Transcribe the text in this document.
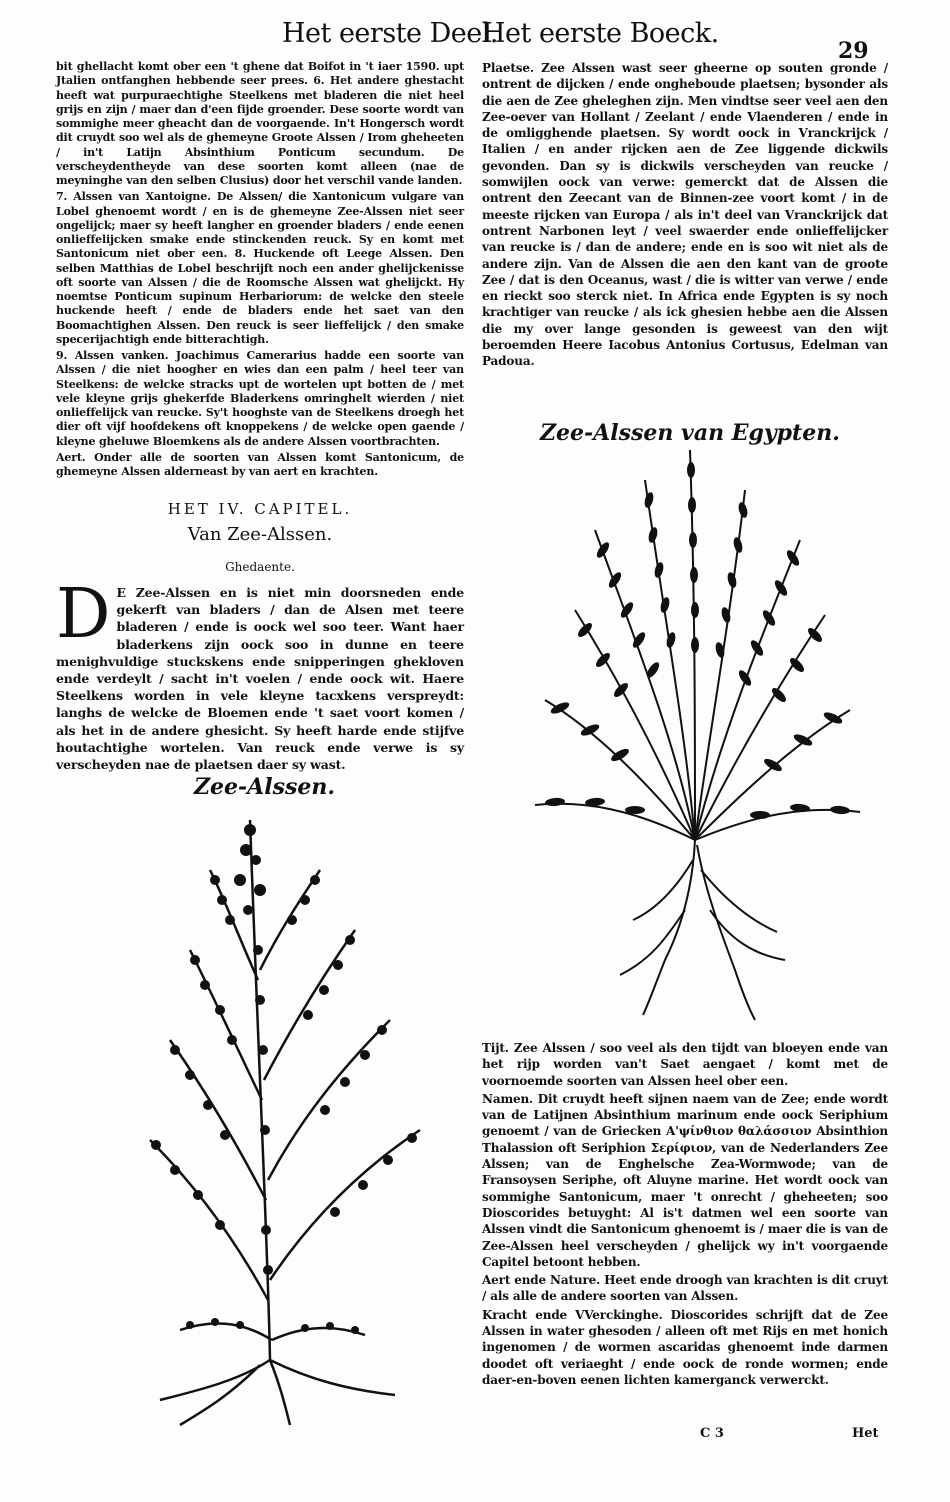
Het eerste Deel.
Het eerste Boeck.
29

bit ghellacht komt ober een 't ghene dat Boifot in 't iaer 1590. upt Jtalien ontfanghen hebbende seer prees. 6. Het andere ghestacht heeft wat purpuraechtighe Steelkens met bladeren die niet heel grijs en zijn / maer dan d'een fijde groender. Dese soorte wordt van sommighe meer gheacht dan de voorgaende. In't Hongersch wordt dit cruydt soo wel als de ghemeyne Groote Alssen / Irom gheheeten / in't Latijn Absinthium Ponticum secundum. De verscheydentheyde van dese soorten komt alleen (nae de meyninghe van den selben Clusius) door het verschil vande landen.

7. Alssen van Xantoigne. De Alssen/ die Xantonicum vulgare van Lobel ghenoemt wordt / en is de ghemeyne Zee-Alssen niet seer ongelijck; maer sy heeft langher en groender bladers / ende eenen onlieffelijcken smake ende stinckenden reuck. Sy en komt met Santonicum niet ober een. 8. Huckende oft Leege Alssen. Den selben Matthias de Lobel beschrijft noch een ander ghelijckenisse oft soorte van Alssen / die de Roomsche Alssen wat ghelijckt. Hy noemtse Ponticum supinum Herbariorum: de welcke den steele huckende heeft / ende de bladers ende het saet van den Boomachtighen Alssen. Den reuck is seer lieffelijck / den smake specerijachtigh ende bitterachtigh.

9. Alssen vanken. Joachimus Camerarius hadde een soorte van Alssen / die niet hoogher en wies dan een palm / heel teer van Steelkens: de welcke stracks upt de wortelen upt botten de / met vele kleyne grijs ghekerfde Bladerkens omringhelt wierden / niet onlieffelijck van reucke. Sy't hooghste van de Steelkens droegh het dier oft vijf hoofdekens oft knoppekens / de welcke open gaende / kleyne gheluwe Bloemkens als de andere Alssen voortbrachten.

Aert. Onder alle de soorten van Alssen komt Santonicum, de ghemeyne Alssen alderneast by van aert en krachten.

HET IV. CAPITEL.
Van Zee-Alssen.
Ghedaente.
D E Zee-Alssen en is niet min doorsneden ende gekerft van bladers / dan de Alsen met teere bladeren / ende is oock wel soo teer. Want haer bladerkens zijn oock soo in dunne en teere menighvuldige stuckskens ende snipperingen ghekloven ende verdeylt / sacht in't voelen / ende oock wit. Haere Steelkens worden in vele kleyne tacxkens verspreydt: langhs de welcke de Bloemen ende 't saet voort komen / als het in de andere ghesicht. Sy heeft harde ende stijfve houtachtighe wortelen. Van reuck ende verwe is sy verscheyden nae de plaetsen daer sy wast.

Zee-Alssen.
Zee-Alssen van Egypten.

Plaetse. Zee Alssen wast seer gheerne op souten gronde / ontrent de dijcken / ende ongheboude plaetsen; bysonder als die aen de Zee gheleghen zijn. Men vindtse seer veel aen den Zee-oever van Hollant / Zeelant / ende Vlaenderen / ende in de omligghende plaetsen. Sy wordt oock in Vranckrijck / Italien / en ander rijcken aen de Zee liggende dickwils gevonden. Dan sy is dickwils verscheyden van reucke / somwijlen oock van verwe: gemerckt dat de Alssen die ontrent den Zeecant van de Binnen-zee voort komt / in de meeste rijcken van Europa / als in't deel van Vranckrijck dat ontrent Narbonen leyt / veel swaerder ende onlieffelijcker van reucke is / dan de andere; ende en is soo wit niet als de andere zijn. Van de Alssen die aen den kant van de groote Zee / dat is den Oceanus, wast / die is witter van verwe / ende en rieckt soo sterck niet. In Africa ende Egypten is sy noch krachtiger van reucke / als ick ghesien hebbe aen die Alssen die my over lange gesonden is geweest van den wijt beroemden Heere Iacobus Antonius Cortusus, Edelman van Padoua.

Tijt. Zee Alssen / soo veel als den tijdt van bloeyen ende van het rijp worden van't Saet aengaet / komt met de voornoemde soorten van Alssen heel ober een.

Namen. Dit cruydt heeft sijnen naem van de Zee; ende wordt van de Latijnen Absinthium marinum ende oock Seriphium genoemt / van de Griecken A'ψίνθιον θαλάσσιον Absinthion Thalassion oft Seriphion Σερίφιον, van de Nederlanders Zee Alssen; van de Enghelsche Zea-Wormwode; van de Fransoysen Seriphe, oft Aluyne marine. Het wordt oock van sommighe Santonicum, maer 't onrecht / gheheeten; soo Dioscorides betuyght: Al is't datmen wel een soorte van Alssen vindt die Santonicum ghenoemt is / maer die is van de Zee-Alssen heel verscheyden / ghelijck wy in't voorgaende Capitel betoont hebben.

Aert ende Nature. Heet ende droogh van krachten is dit cruyt / als alle de andere soorten van Alssen.

Kracht ende VVerckinghe. Dioscorides schrijft dat de Zee Alssen in water ghesoden / alleen oft met Rijs en met honich ingenomen / de wormen ascaridas ghenoemt inde darmen doodet oft veriaeght / ende oock de ronde wormen; ende daer-en-boven eenen lichten kamerganck verwerckt.

C 3	Het
